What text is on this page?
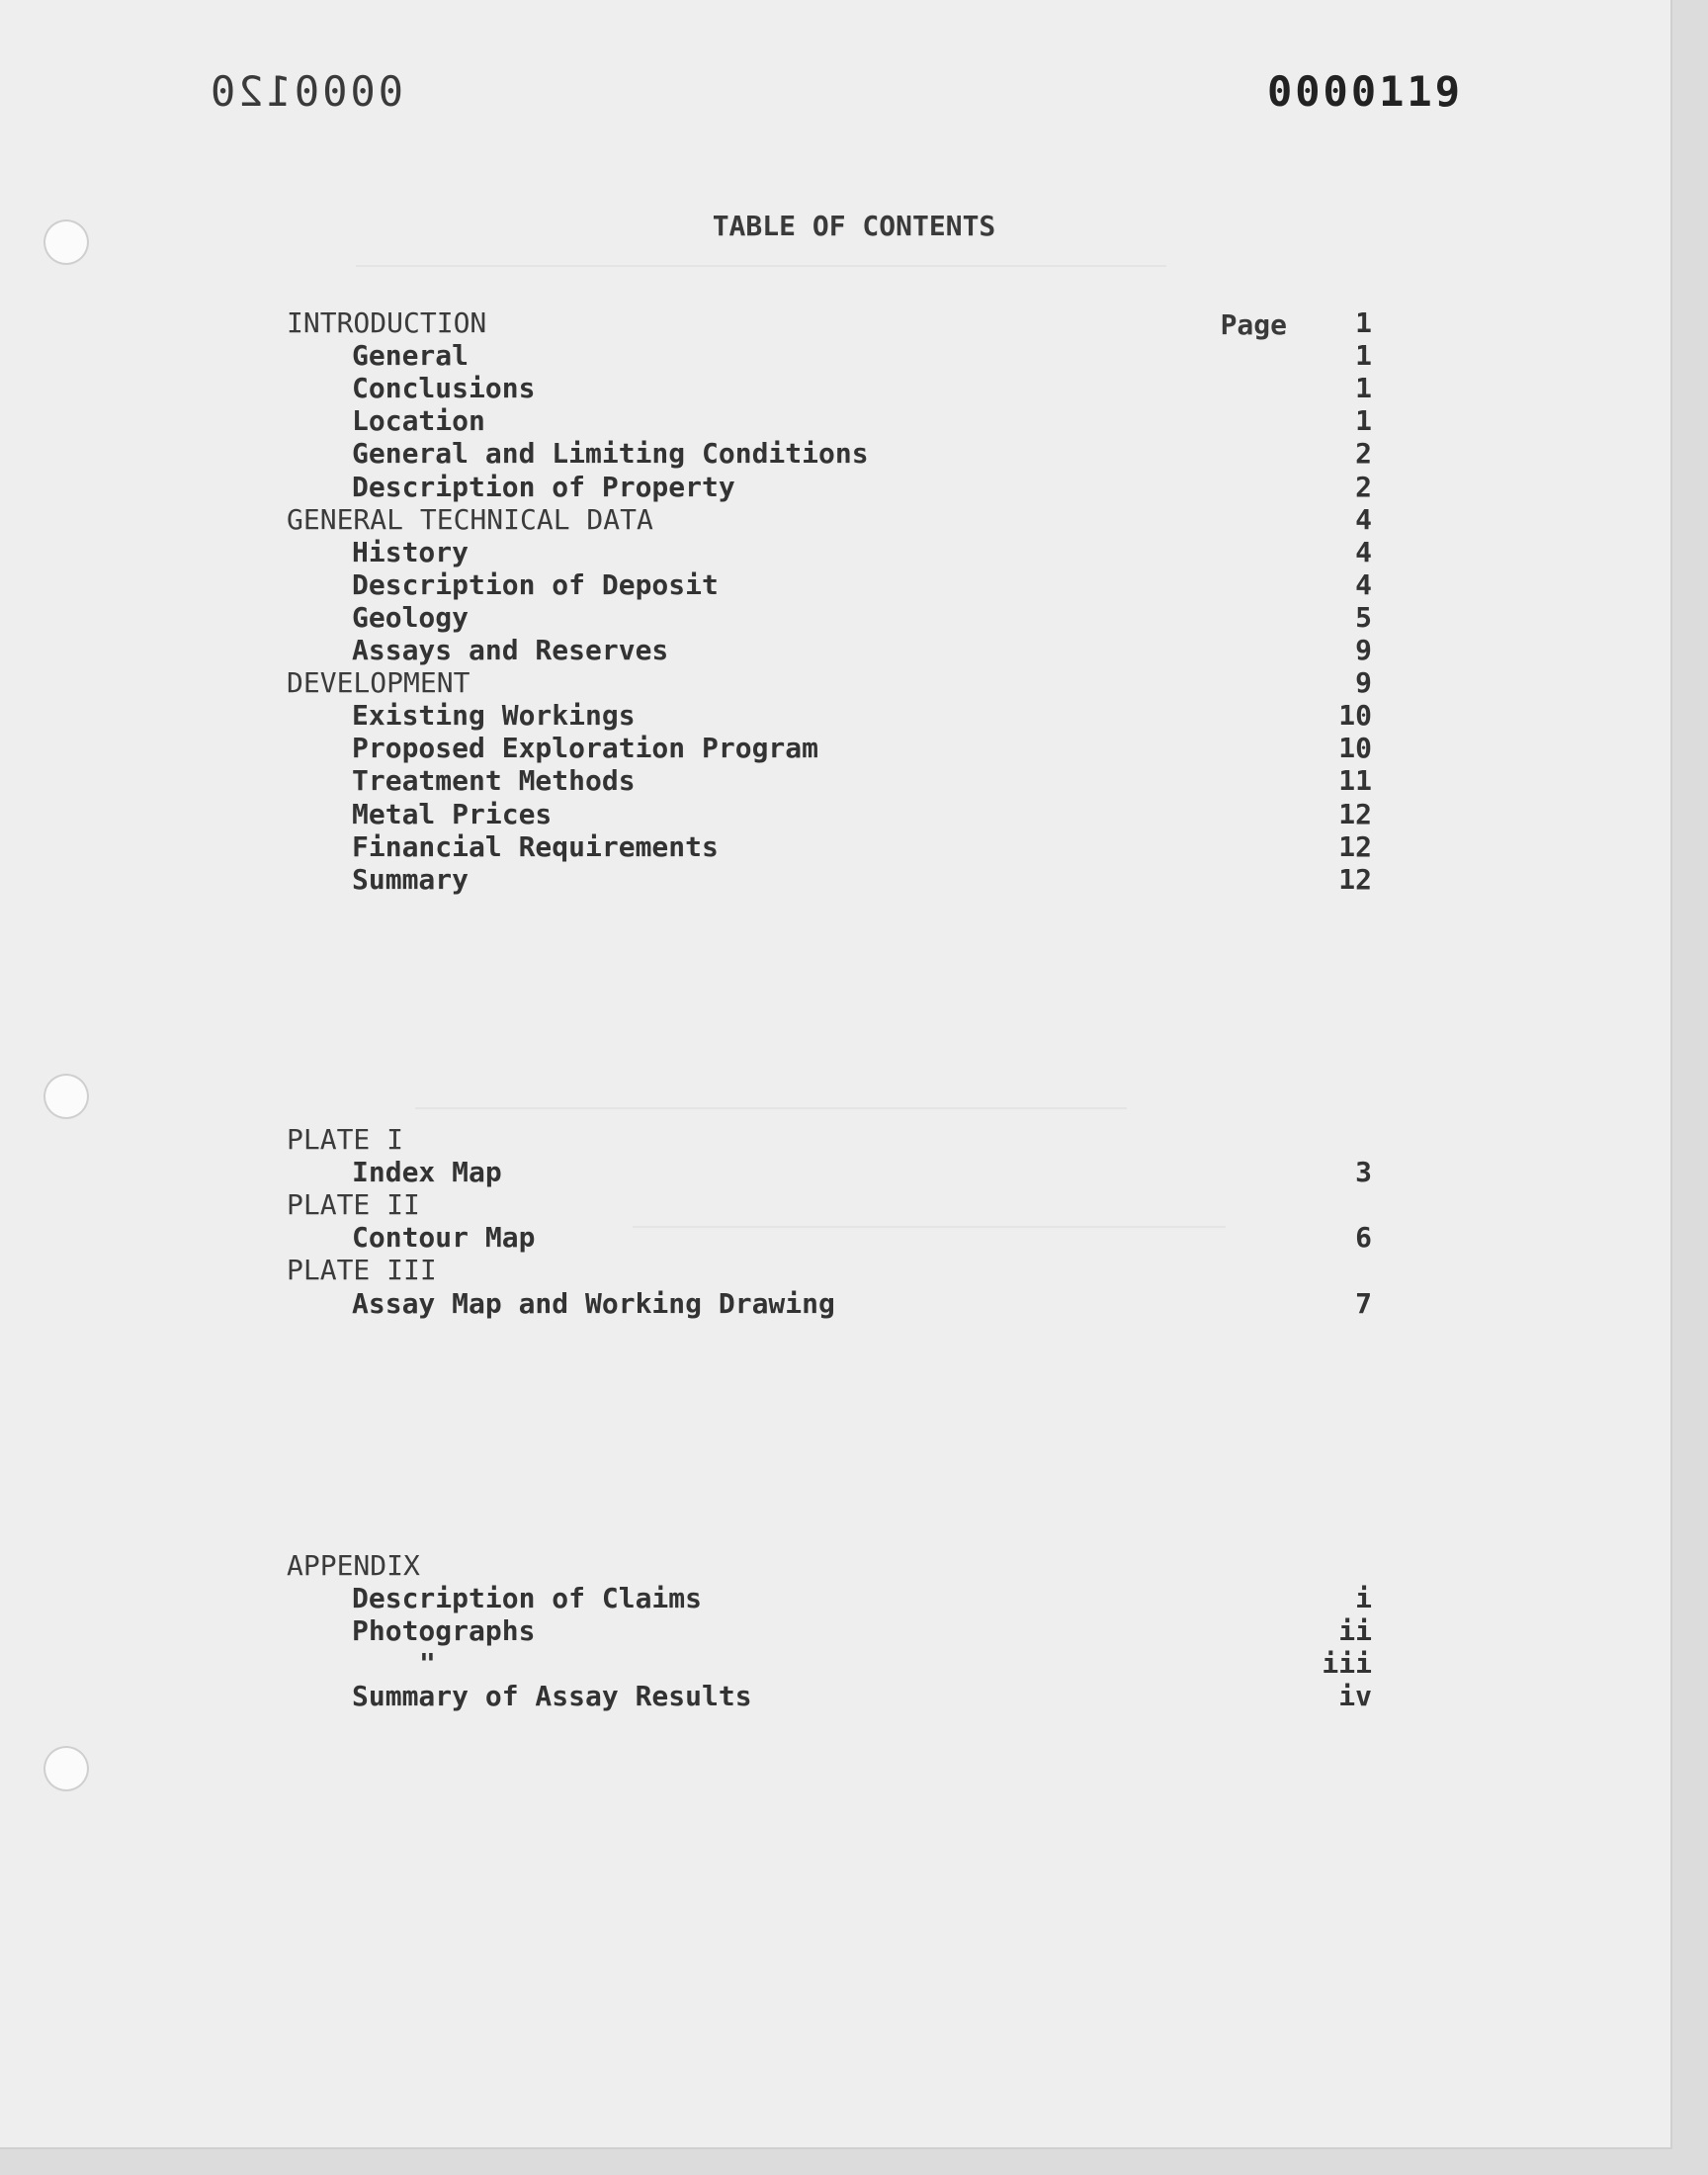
0000120	0000119
TABLE OF CONTENTS
Page
INTRODUCTION	1
General	1
Conclusions	1
Location	1
General and Limiting Conditions	2
Description of Property	2
GENERAL TECHNICAL DATA	4
History	4
Description of Deposit	4
Geology	5
Assays and Reserves	9
DEVELOPMENT	9
Existing Workings	10
Proposed Exploration Program	10
Treatment Methods	11
Metal Prices	12
Financial Requirements	12
Summary	12
PLATE I
Index Map	3
PLATE II
Contour Map	6
PLATE III
Assay Map and Working Drawing	7
APPENDIX
Description of Claims	i
Photographs	ii
"	iii
Summary of Assay Results	iv
